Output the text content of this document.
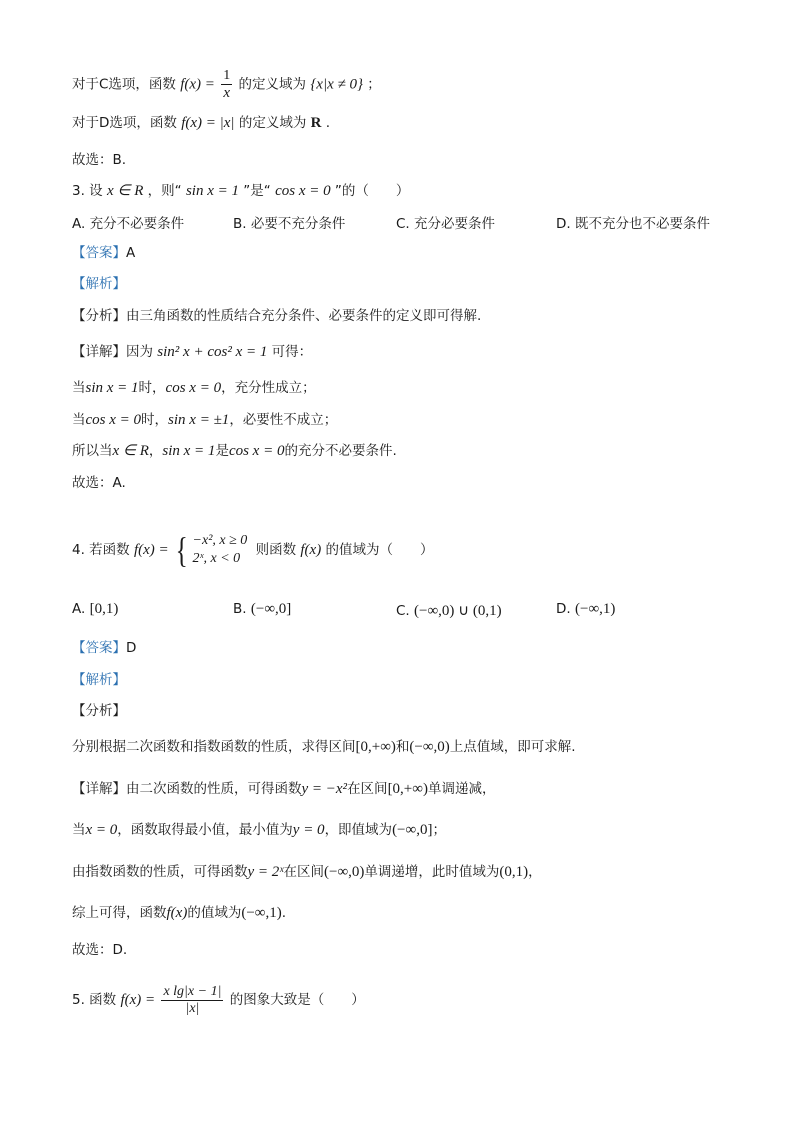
对于C选项，函数 $f(x) = \frac{1}{x}$ 的定义域为 {x|x ≠ 0} ；
对于D选项，函数 f(x) = |x| 的定义域为 R .
故选：B.
3. 设 x ∈ R ，则“ sin x = 1 ”是“ cos x = 0 ”的（　　）
A. 充分不必要条件	B. 必要不充分条件	C. 充分必要条件	D. 既不充分也不必要条件
【答案】A
【解析】
【分析】由三角函数的性质结合充分条件、必要条件的定义即可得解.
【详解】因为 sin² x + cos² x = 1 可得：
当sin x = 1时，cos x = 0，充分性成立；
当cos x = 0时，sin x = ±1，必要性不成立；
所以当x ∈ R，sin x = 1是cos x = 0的充分不必要条件.
故选：A.
4. 若函数 f(x) = { −x², x ≥ 0
2ˣ, x < 0
则函数 f(x) 的值域为（　　）
A. [0,1)	B. (−∞,0]	C. (−∞,0) ∪ (0,1)	D. (−∞,1)
【答案】D
【解析】
【分析】
分别根据二次函数和指数函数的性质，求得区间[0,+∞)和(−∞,0)上点值域，即可求解.
【详解】由二次函数的性质，可得函数y = −x²在区间[0,+∞)单调递减，
当x = 0，函数取得最小值，最小值为y = 0，即值域为(−∞,0]；
由指数函数的性质，可得函数y = 2ˣ在区间(−∞,0)单调递增，此时值域为(0,1)，
综上可得，函数f(x)的值域为(−∞,1).
故选：D.
5. 函数 $f(x) = \frac{\text{x lg|x − 1|}}{|x|}$ 的图象大致是（　　）
